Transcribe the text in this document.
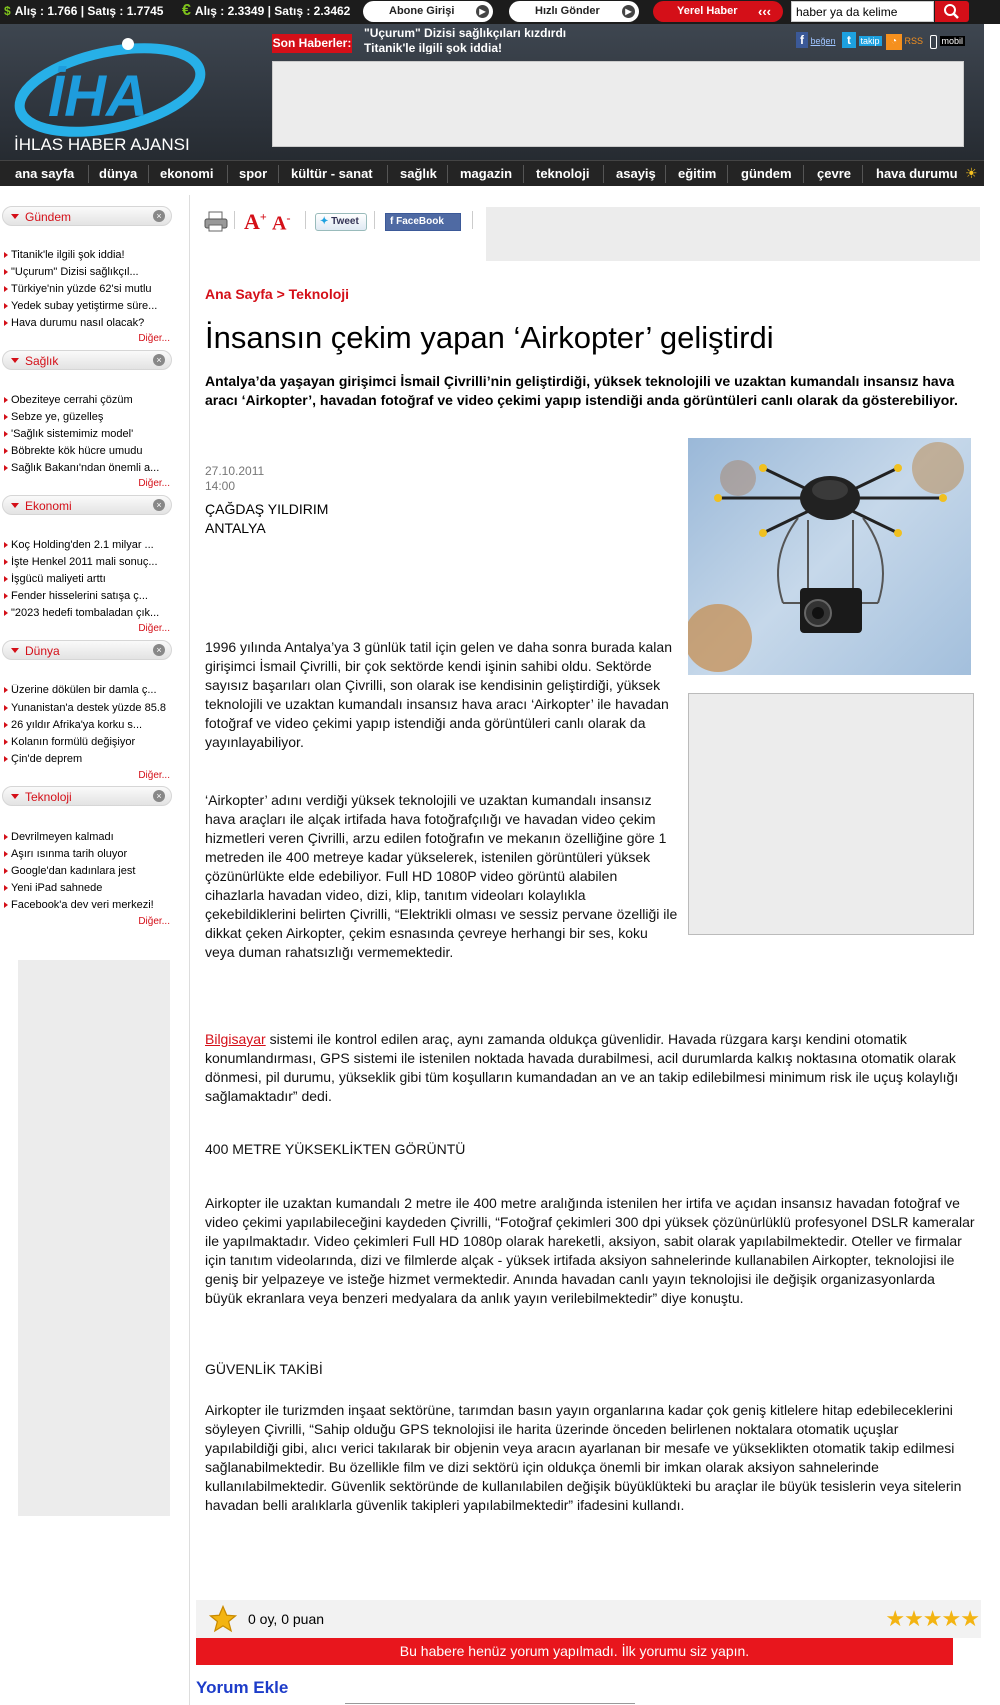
$ Alış : 1.766 | Satış : 1.7745 € Alış : 2.3349 | Satış : 2.3462	Abone Girişi	▶	Hızlı Gönder	▶	Yerel Haber ‹‹‹
haber ya da kelime
İHA
İHLAS HABER AJANSI
Son Haberler:
"Uçurum" Dizisi sağlıkçıları kızdırdı
Titanik'le ilgili şok iddia!
f beğen t takip	◔ RSS	mobil
ana sayfa dünya ekonomi spor kültür - sanat sağlık magazin teknoloji asayiş eğitim gündem çevre hava durumu ☀
Gündem	×
Titanik'le ilgili şok iddia!
"Uçurum" Dizisi sağlıkçıl...
Türkiye'nin yüzde 62'si mutlu
Yedek subay yetiştirme süre...
Hava durumu nasıl olacak?
Diğer...
Sağlık	×
Obeziteye cerrahi çözüm
Sebze ye, güzelleş
'Sağlık sistemimiz model'
Böbrekte kök hücre umudu
Sağlık Bakanı'ndan önemli a...
Diğer...
Ekonomi	×
Koç Holding'den 2.1 milyar ...
İşte Henkel 2011 mali sonuç...
İşgücü maliyeti arttı
Fender hisselerini satışa ç...
"2023 hedefi tombaladan çık...
Diğer...
Dünya	×
Üzerine dökülen bir damla ç...
Yunanistan'a destek yüzde 85.8
26 yıldır Afrika'ya korku s...
Kolanın formülü değişiyor
Çin'de deprem
Diğer...
Teknoloji	×
Devrilmeyen kalmadı
Aşırı ısınma tarih oluyor
Google'dan kadınlara jest
Yeni iPad sahnede
Facebook'a dev veri merkezi!
Diğer...
A+ A-	✦ Tweet	f FaceBook
Ana Sayfa > Teknoloji
İnsansın çekim yapan ‘Airkopter’ geliştirdi
Antalya’da yaşayan girişimci İsmail Çivrilli’nin geliştirdiği, yüksek teknolojili ve uzaktan kumandalı insansız hava aracı ‘Airkopter’, havadan fotoğraf ve video çekimi yapıp istendiği anda görüntüleri canlı olarak da gösterebiliyor.
27.10.2011
14:00
ÇAĞDAŞ YILDIRIM
ANTALYA
1996 yılında Antalya’ya 3 günlük tatil için gelen ve daha sonra burada kalan girişimci İsmail Çivrilli, bir çok sektörde kendi işinin sahibi oldu. Sektörde sayısız başarıları olan Çivrilli, son olarak ise kendisinin geliştirdiği, yüksek teknolojili ve uzaktan kumandalı insansız hava aracı ‘Airkopter’ ile havadan fotoğraf ve video çekimi yapıp istendiği anda görüntüleri canlı olarak da yayınlayabiliyor.
‘Airkopter’ adını verdiği yüksek teknolojili ve uzaktan kumandalı insansız hava araçları ile alçak irtifada hava fotoğrafçılığı ve havadan video çekim hizmetleri veren Çivrilli, arzu edilen fotoğrafın ve mekanın özelliğine göre 1 metreden ile 400 metreye kadar yükselerek, istenilen görüntüleri yüksek çözünürlükte elde edebiliyor. Full HD 1080P video görüntü alabilen cihazlarla havadan video, dizi, klip, tanıtım videoları kolaylıkla çekebildiklerini belirten Çivrilli, “Elektrikli olması ve sessiz pervane özelliği ile dikkat çeken Airkopter, çekim esnasında çevreye herhangi bir ses, koku veya duman rahatsızlığı vermemektedir.
Bilgisayar sistemi ile kontrol edilen araç, aynı zamanda oldukça güvenlidir. Havada rüzgara karşı kendini otomatik konumlandırması, GPS sistemi ile istenilen noktada havada durabilmesi, acil durumlarda kalkış noktasına otomatik olarak dönmesi, pil durumu, yükseklik gibi tüm koşulların kumandadan an ve an takip edilebilmesi minimum risk ile uçuş kolaylığı sağlamaktadır” dedi.
400 METRE YÜKSEKLİKTEN GÖRÜNTÜ
Airkopter ile uzaktan kumandalı 2 metre ile 400 metre aralığında istenilen her irtifa ve açıdan insansız havadan fotoğraf ve video çekimi yapılabileceğini kaydeden Çivrilli, “Fotoğraf çekimleri 300 dpi yüksek çözünürlüklü profesyonel DSLR kameralar ile yapılmaktadır. Video çekimleri Full HD 1080p olarak hareketli, aksiyon, sabit olarak yapılabilmektedir. Oteller ve firmalar için tanıtım videolarında, dizi ve filmlerde alçak - yüksek irtifada aksiyon sahnelerinde kullanabilen Airkopter, teknolojisi ile geniş bir yelpazeye ve isteğe hizmet vermektedir. Anında havadan canlı yayın teknolojisi ile değişik organizasyonlarda büyük ekranlara veya benzeri medyalara da anlık yayın verilebilmektedir” diye konuştu.
GÜVENLİK TAKİBİ
Airkopter ile turizmden inşaat sektörüne, tarımdan basın yayın organlarına kadar çok geniş kitlelere hitap edebileceklerini söyleyen Çivrilli, “Sahip olduğu GPS teknolojisi ile harita üzerinde önceden belirlenen noktalara otomatik uçuşlar yapılabildiği gibi, alıcı verici takılarak bir objenin veya aracın ayarlanan bir mesafe ve yükseklikten otomatik takip edilmesi sağlanabilmektedir. Bu özellikle film ve dizi sektörü için oldukça önemli bir imkan olarak aksiyon sahnelerinde kullanılabilmektedir. Güvenlik sektöründe de kullanılabilen değişik büyüklükteki bu araçlar ile büyük tesislerin veya sitelerin havadan belli aralıklarla güvenlik takipleri yapılabilmektedir” ifadesini kullandı.
0 oy, 0 puan	★★★★★
Bu habere henüz yorum yapılmadı. İlk yorumu siz yapın.
Yorum Ekle
